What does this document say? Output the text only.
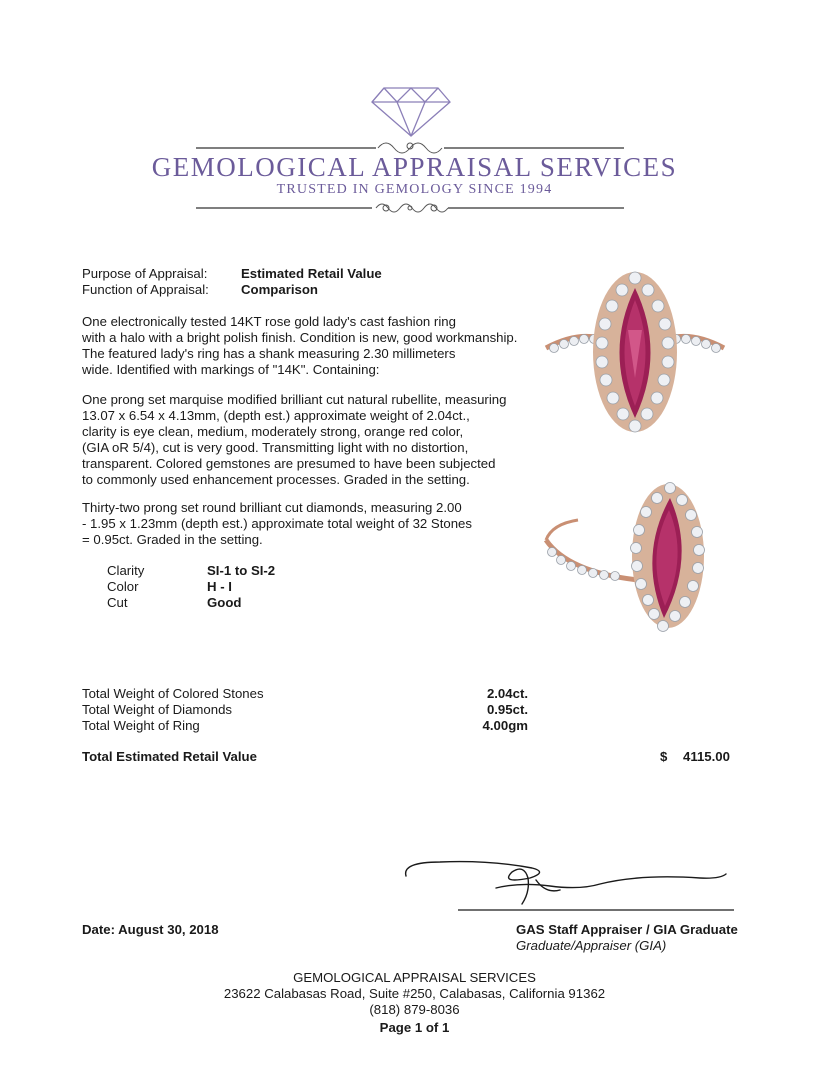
GEMOLOGICAL APPRAISAL SERVICES
TRUSTED IN GEMOLOGY SINCE 1994
Purpose of Appraisal:	Estimated Retail Value
Function of Appraisal: Comparison
One electronically tested 14KT rose gold lady's cast fashion ring
with a halo with a bright polish finish. Condition is new, good workmanship.
The featured lady's ring has a shank measuring 2.30 millimeters
wide. Identified with markings of "14K". Containing:
One prong set marquise modified brilliant cut natural rubellite, measuring
13.07 x 6.54 x 4.13mm, (depth est.) approximate weight of 2.04ct.,
clarity is eye clean, medium, moderately strong, orange red color,
(GIA oR 5/4), cut is very good. Transmitting light with no distortion,
transparent. Colored gemstones are presumed to have been subjected
to commonly used enhancement processes. Graded in the setting.
Thirty-two prong set round brilliant cut diamonds, measuring 2.00
- 1.95 x 1.23mm (depth est.) approximate total weight of 32 Stones
= 0.95ct. Graded in the setting.
Clarity	SI-1 to SI-2
Color	H - I
Cut	Good
Total Weight of Colored Stones	2.04ct.
Total Weight of Diamonds	0.95ct.
Total Weight of Ring	4.00gm
Total Estimated Retail Value	$ 4115.00
Date: August 30, 2018	GAS Staff Appraiser / GIA Graduate
Graduate/Appraiser (GIA)
GEMOLOGICAL APPRAISAL SERVICES
23622 Calabasas Road, Suite #250, Calabasas, California 91362
(818) 879-8036
Page 1 of 1
